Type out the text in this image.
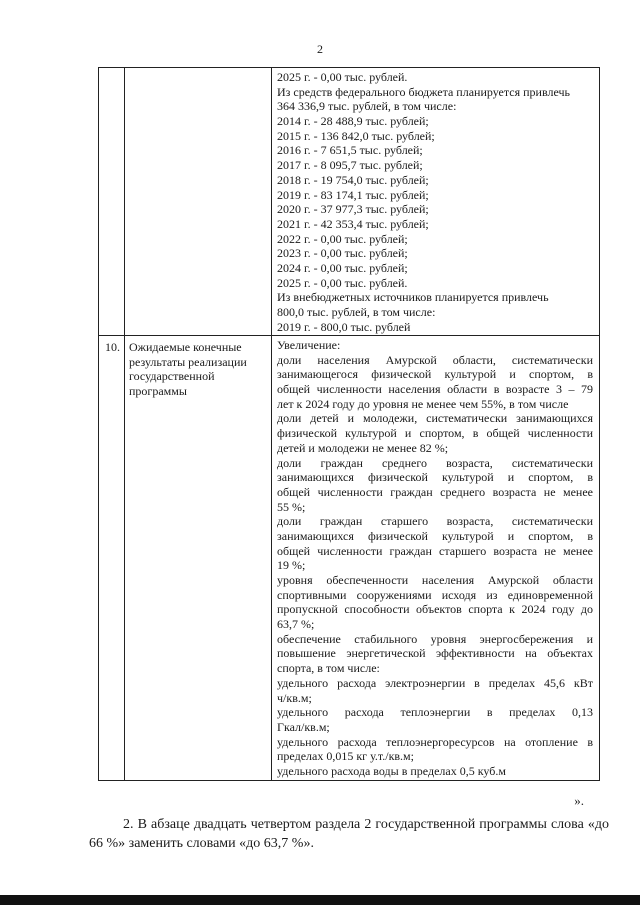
2
2025 г. - 0,00 тыс. рублей.
Из средств федерального бюджета планируется привлечь
364 336,9 тыс. рублей, в том числе:
2014 г. - 28 488,9 тыс. рублей;
2015 г. - 136 842,0 тыс. рублей;
2016 г. - 7 651,5 тыс. рублей;
2017 г. - 8 095,7 тыс. рублей;
2018 г. - 19 754,0 тыс. рублей;
2019 г. - 83 174,1 тыс. рублей;
2020 г. - 37 977,3 тыс. рублей;
2021 г. - 42 353,4 тыс. рублей;
2022 г. - 0,00 тыс. рублей;
2023 г. - 0,00 тыс. рублей;
2024 г. - 0,00 тыс. рублей;
2025 г. - 0,00 тыс. рублей.
Из внебюджетных источников планируется привлечь
800,0 тыс. рублей, в том числе:
2019 г. - 800,0 тыс. рублей
10. Ожидаемые конечные результаты реализации государственной программы
Увеличение:
доли населения Амурской области, систематически
занимающегося физической культурой и спортом, в
общей численности населения области в возрасте 3 – 79
лет к 2024 году до уровня не менее чем 55%, в том числе
доли детей и молодежи, систематически занимающихся
физической культурой и спортом, в общей численности
детей и молодежи не менее 82 %;
доли граждан среднего возраста, систематически
занимающихся физической культурой и спортом, в
общей численности граждан среднего возраста не менее
55 %;
доли граждан старшего возраста, систематически
занимающихся физической культурой и спортом, в
общей численности граждан старшего возраста не менее
19 %;
уровня обеспеченности населения Амурской области
спортивными сооружениями исходя из единовременной
пропускной способности объектов спорта к 2024 году до
63,7 %;
обеспечение стабильного уровня энергосбережения и
повышение энергетической эффективности на объектах
спорта, в том числе:
удельного расхода электроэнергии в пределах 45,6 кВт
ч/кв.м;
удельного расхода теплоэнергии в пределах 0,13
Гкал/кв.м;
удельного расхода теплоэнергоресурсов на отопление в
пределах 0,015 кг у.т./кв.м;
удельного расхода воды в пределах 0,5 куб.м
».
2. В абзаце двадцать четвертом раздела 2 государственной программы слова «до 66 %» заменить словами «до 63,7 %».
